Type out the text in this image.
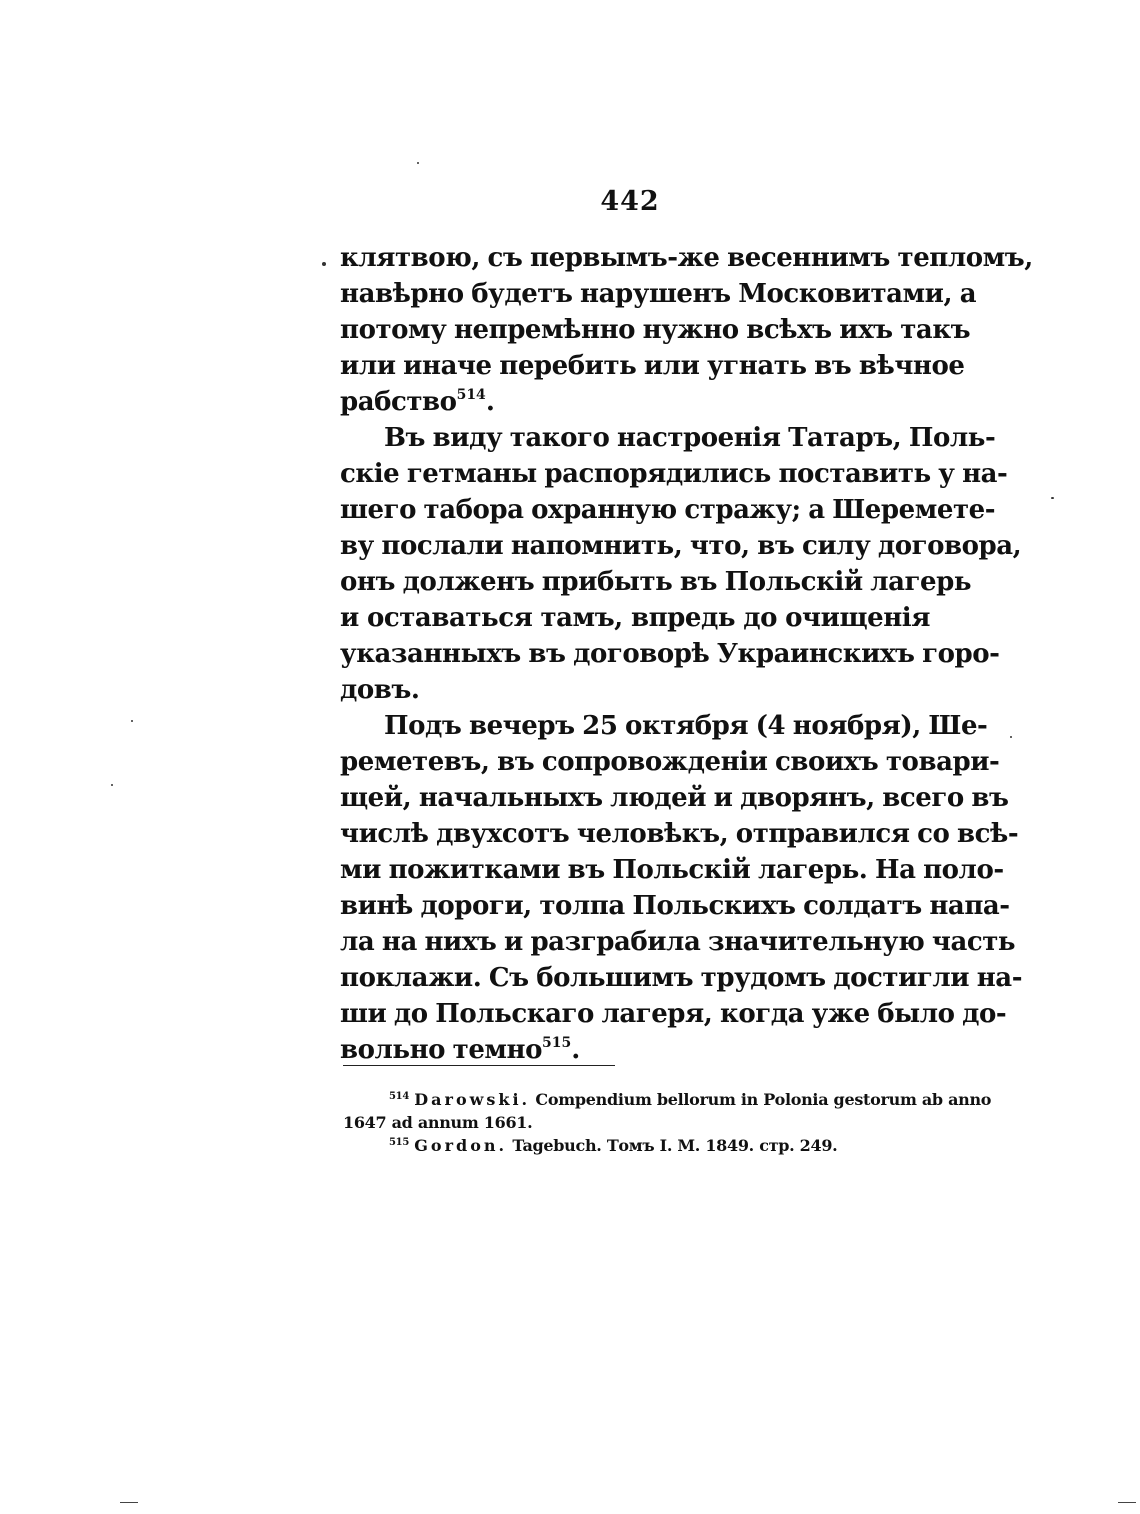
442
клятвою, съ первымъ-же весеннимъ тепломъ,
навѣрно будетъ нарушенъ Московитами, а
потому непремѣнно нужно всѣхъ ихъ такъ
или иначе перебить или угнать въ вѣчное
рабство$^{514}$.
Въ виду такого настроенія Татаръ, Поль-
скіе гетманы распорядились поставить у на-
шего табора охранную стражу; а Шеремете-
ву послали напомнить, что, въ силу договора,
онъ долженъ прибыть въ Польскій лагерь
и оставаться тамъ, впредь до очищенія
указанныхъ въ договорѣ Украинскихъ горо-
довъ.
Подъ вечеръ 25 октября (4 ноября), Ше-
реметевъ, въ сопровожденіи своихъ товари-
щей, начальныхъ людей и дворянъ, всего въ
числѣ двухсотъ человѣкъ, отправился со всѣ-
ми пожитками въ Польскій лагерь. На поло-
винѣ дороги, толпа Польскихъ солдатъ напа-
ла на нихъ и разграбила значительную часть
поклажи. Съ большимъ трудомъ достигли на-
ши до Польскаго лагеря, когда уже было до-
вольно темно$^{515}$.
$^{514}$ Darowski. Compendium bellorum in Polonia gestorum ab anno
1647 ad annum 1661.
$^{515}$ Gordon. Tagebuch. Томъ I. M. 1849. стр. 249.
